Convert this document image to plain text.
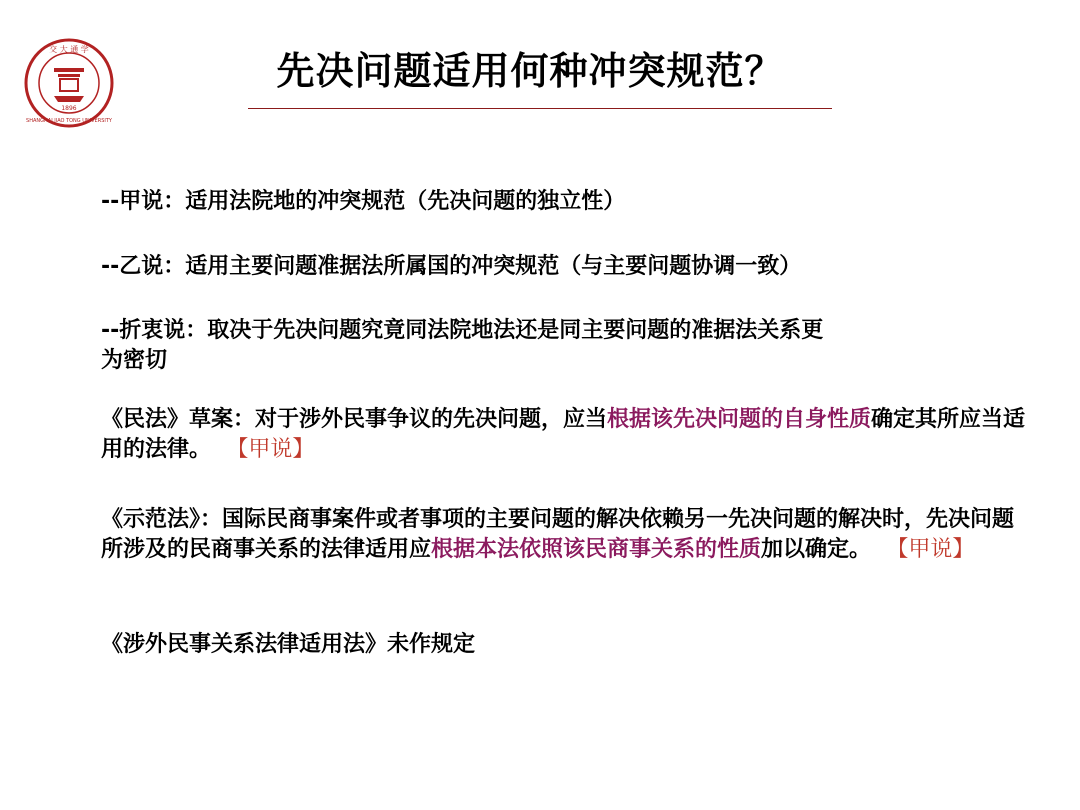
交 大 通 学
SHANGHAI JIAO TONG UNIVERSITY
1896
先决问题适用何种冲突规范？
--甲说：适用法院地的冲突规范（先决问题的独立性）
--乙说：适用主要问题准据法所属国的冲突规范（与主要问题协调一致）
--折衷说：取决于先决问题究竟同法院地法还是同主要问题的准据法关系更
为密切
《民法》草案：对于涉外民事争议的先决问题，应当根据该先决问题的自身性质确定其所应当适用的法律。 【甲说】
《示范法》：国际民商事案件或者事项的主要问题的解决依赖另一先决问题的解决时，先决问题所涉及的民商事关系的法律适用应根据本法依照该民商事关系的性质加以确定。 【甲说】
《涉外民事关系法律适用法》未作规定
